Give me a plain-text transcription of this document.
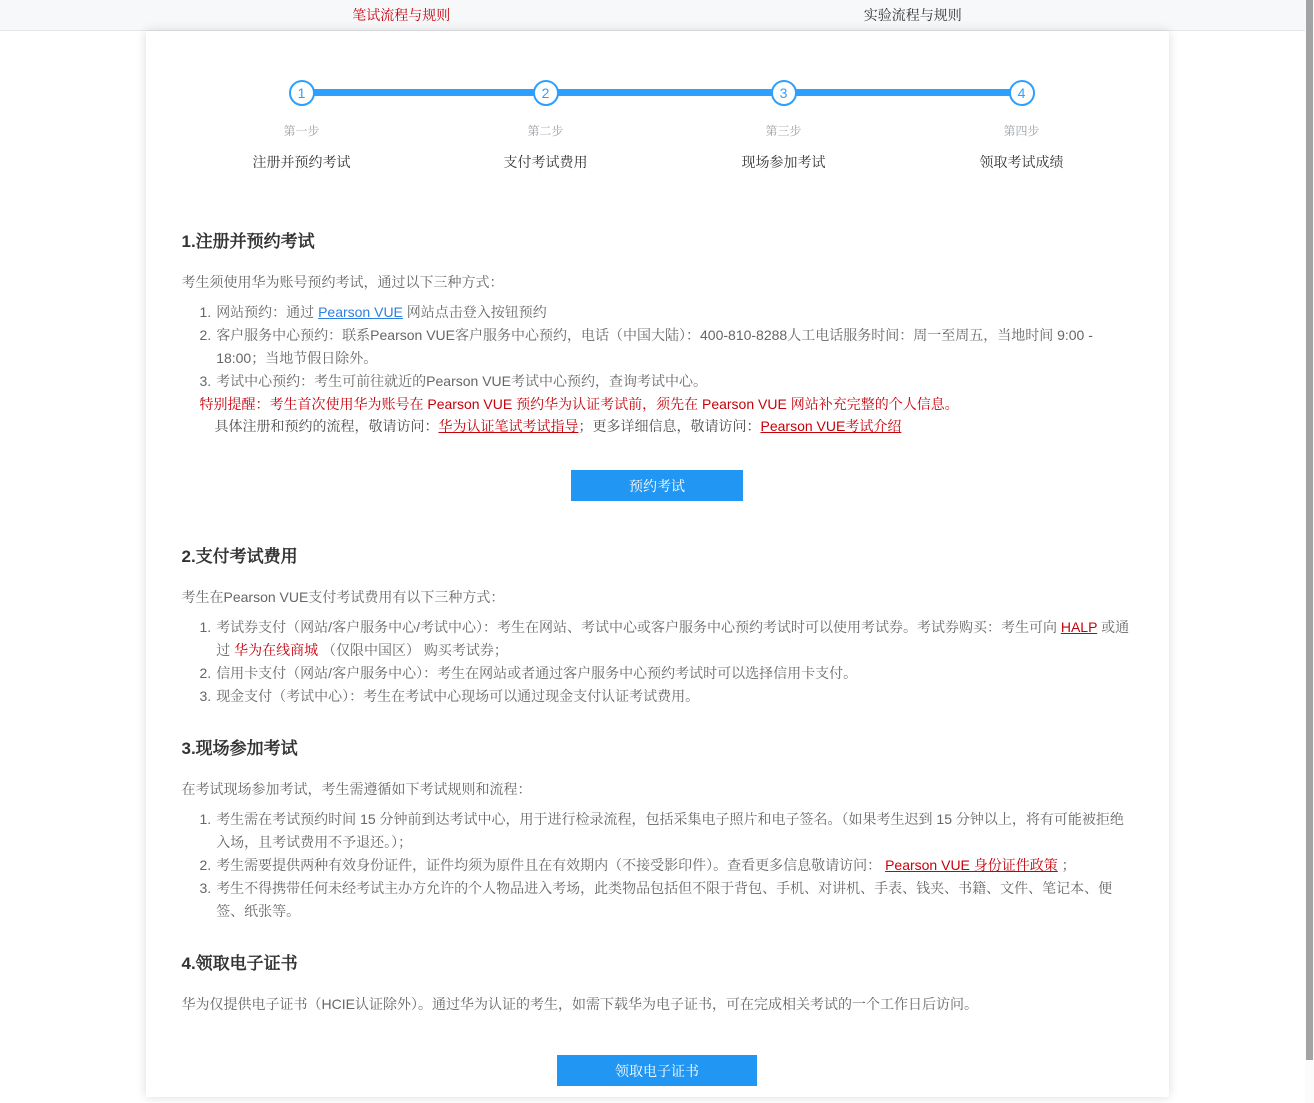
笔试流程与规则	实验流程与规则
1
第一步
注册并预约考试
2
第二步
支付考试费用
3
第三步
现场参加考试
4
第四步
领取考试成绩
1.注册并预约考试
考生须使用华为账号预约考试，通过以下三种方式：
1. 网站预约：通过 Pearson VUE 网站点击登入按钮预约
2. 客户服务中心预约：联系Pearson VUE客户服务中心预约，电话（中国大陆）：400-810-8288人工电话服务时间：周一至周五，当地时间 9:00 - 18:00；当地节假日除外。
3. 考试中心预约：考生可前往就近的Pearson VUE考试中心预约，查询考试中心。
特别提醒：考生首次使用华为账号在 Pearson VUE 预约华为认证考试前，须先在 Pearson VUE 网站补充完整的个人信息。
具体注册和预约的流程，敬请访问：华为认证笔试考试指导；更多详细信息，敬请访问：Pearson VUE考试介绍
预约考试
2.支付考试费用
考生在Pearson VUE支付考试费用有以下三种方式：
1. 考试券支付（网站/客户服务中心/考试中心）：考生在网站、考试中心或客户服务中心预约考试时可以使用考试券。考试券购买：考生可向 HALP 或通过 华为在线商城 （仅限中国区） 购买考试券；
2. 信用卡支付（网站/客户服务中心）：考生在网站或者通过客户服务中心预约考试时可以选择信用卡支付。
3. 现金支付（考试中心）：考生在考试中心现场可以通过现金支付认证考试费用。
3.现场参加考试
在考试现场参加考试，考生需遵循如下考试规则和流程：
1. 考生需在考试预约时间 15 分钟前到达考试中心，用于进行检录流程，包括采集电子照片和电子签名。（如果考生迟到 15 分钟以上，将有可能被拒绝入场，且考试费用不予退还。）；
2. 考生需要提供两种有效身份证件，证件均须为原件且在有效期内（不接受影印件）。查看更多信息敬请访问： Pearson VUE 身份证件政策 ；
3. 考生不得携带任何未经考试主办方允许的个人物品进入考场，此类物品包括但不限于背包、手机、对讲机、手表、钱夹、书籍、文件、笔记本、便签、纸张等。
4.领取电子证书
华为仅提供电子证书（HCIE认证除外）。通过华为认证的考生，如需下载华为电子证书，可在完成相关考试的一个工作日后访问。
领取电子证书
